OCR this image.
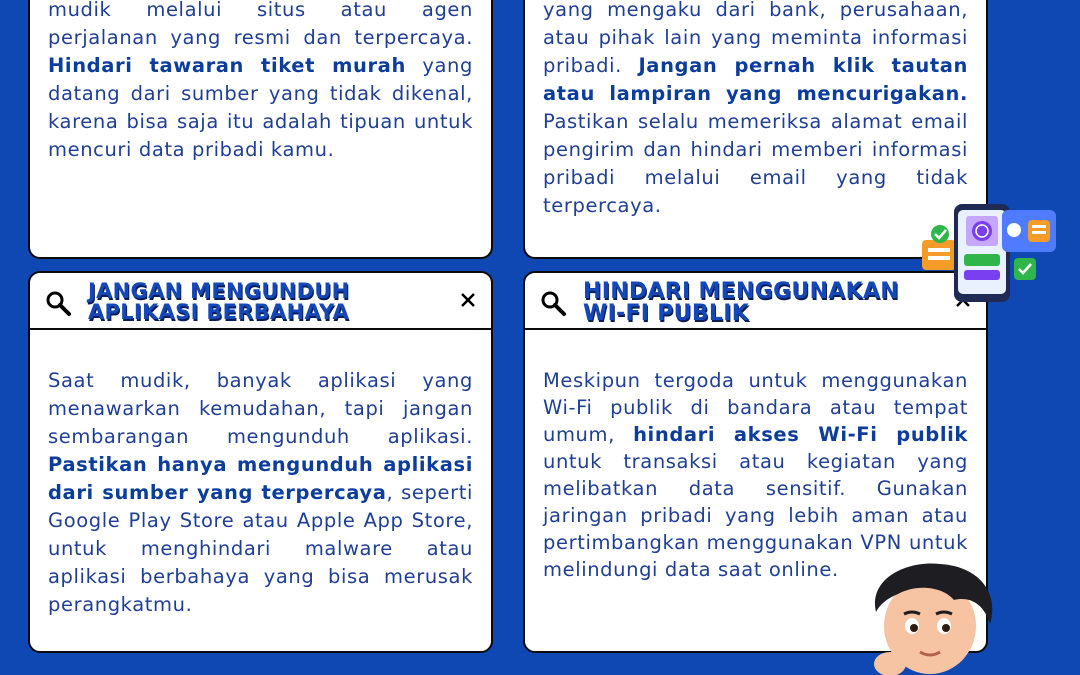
mudik melalui situs atau agen perjalanan yang resmi dan terpercaya. Hindari tawaran tiket murah yang datang dari sumber yang tidak dikenal, karena bisa saja itu adalah tipuan untuk mencuri data pribadi kamu.
yang mengaku dari bank, perusahaan, atau pihak lain yang meminta informasi pribadi. Jangan pernah klik tautan atau lampiran yang mencurigakan. Pastikan selalu memeriksa alamat email pengirim dan hindari memberi informasi pribadi melalui email yang tidak terpercaya.
JANGAN MENGUNDUH APLIKASI BERBAHAYA
Saat mudik, banyak aplikasi yang menawarkan kemudahan, tapi jangan sembarangan mengunduh aplikasi. Pastikan hanya mengunduh aplikasi dari sumber yang terpercaya, seperti Google Play Store atau Apple App Store, untuk menghindari malware atau aplikasi berbahaya yang bisa merusak perangkatmu.
HINDARI MENGGUNAKAN WI-FI PUBLIK
Meskipun tergoda untuk menggunakan Wi-Fi publik di bandara atau tempat umum, hindari akses Wi-Fi publik untuk transaksi atau kegiatan yang melibatkan data sensitif. Gunakan jaringan pribadi yang lebih aman atau pertimbangkan menggunakan VPN untuk melindungi data saat online.
